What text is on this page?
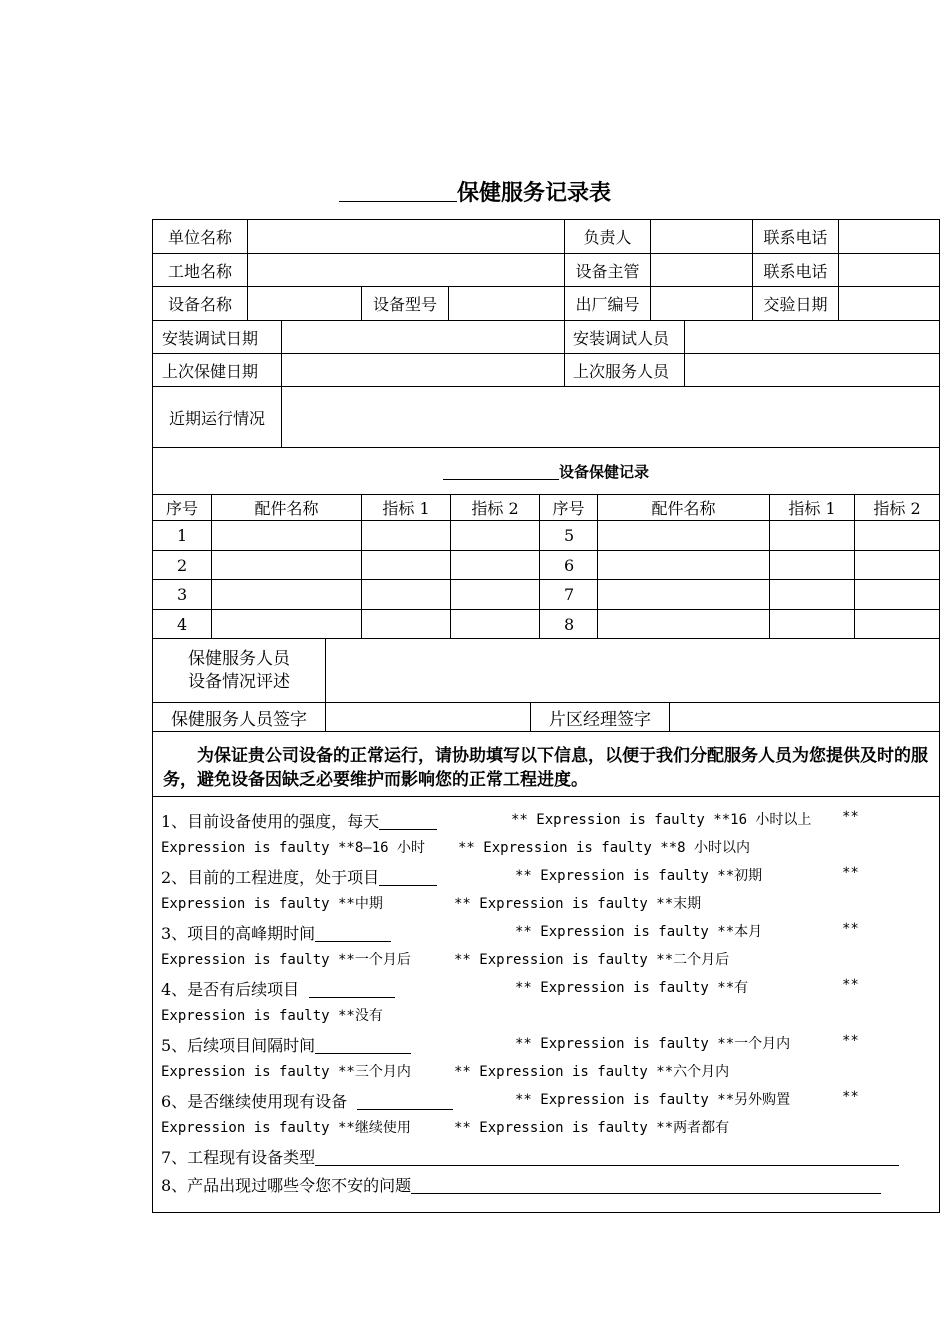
保健服务记录表
单位名称	负责人	联系电话
工地名称	设备主管	联系电话
设备名称	设备型号	出厂编号	交验日期
安装调试日期	安装调试人员
上次保健日期	上次服务人员
近期运行情况
设备保健记录
序号	配件名称	指标 1	指标 2	序号	配件名称	指标 1	指标 2
1	5
2	6
3	7
4	8
保健服务人员
设备情况评述
保健服务人员签字	片区经理签字
为保证贵公司设备的正常运行，请协助填写以下信息，以便于我们分配服务人员为您提供及时的服务，避免设备因缺乏必要维护而影响您的正常工程进度。
1、目前设备使用的强度，每天	** Expression is faulty **16 小时以上 **
Expression is faulty **8—16 小时 ** Expression is faulty **8 小时以内
2、目前的工程进度，处于项目	** Expression is faulty **初期	**
Expression is faulty **中期	** Expression is faulty **末期
3、项目的高峰期时间	** Expression is faulty **本月	**
Expression is faulty **一个月后	** Expression is faulty **二个月后
4、是否有后续项目	** Expression is faulty **有	**
Expression is faulty **没有
5、后续项目间隔时间	** Expression is faulty **一个月内	**
Expression is faulty **三个月内	** Expression is faulty **六个月内
6、是否继续使用现有设备	** Expression is faulty **另外购置	**
Expression is faulty **继续使用	** Expression is faulty **两者都有
7、工程现有设备类型
8、产品出现过哪些令您不安的问题
